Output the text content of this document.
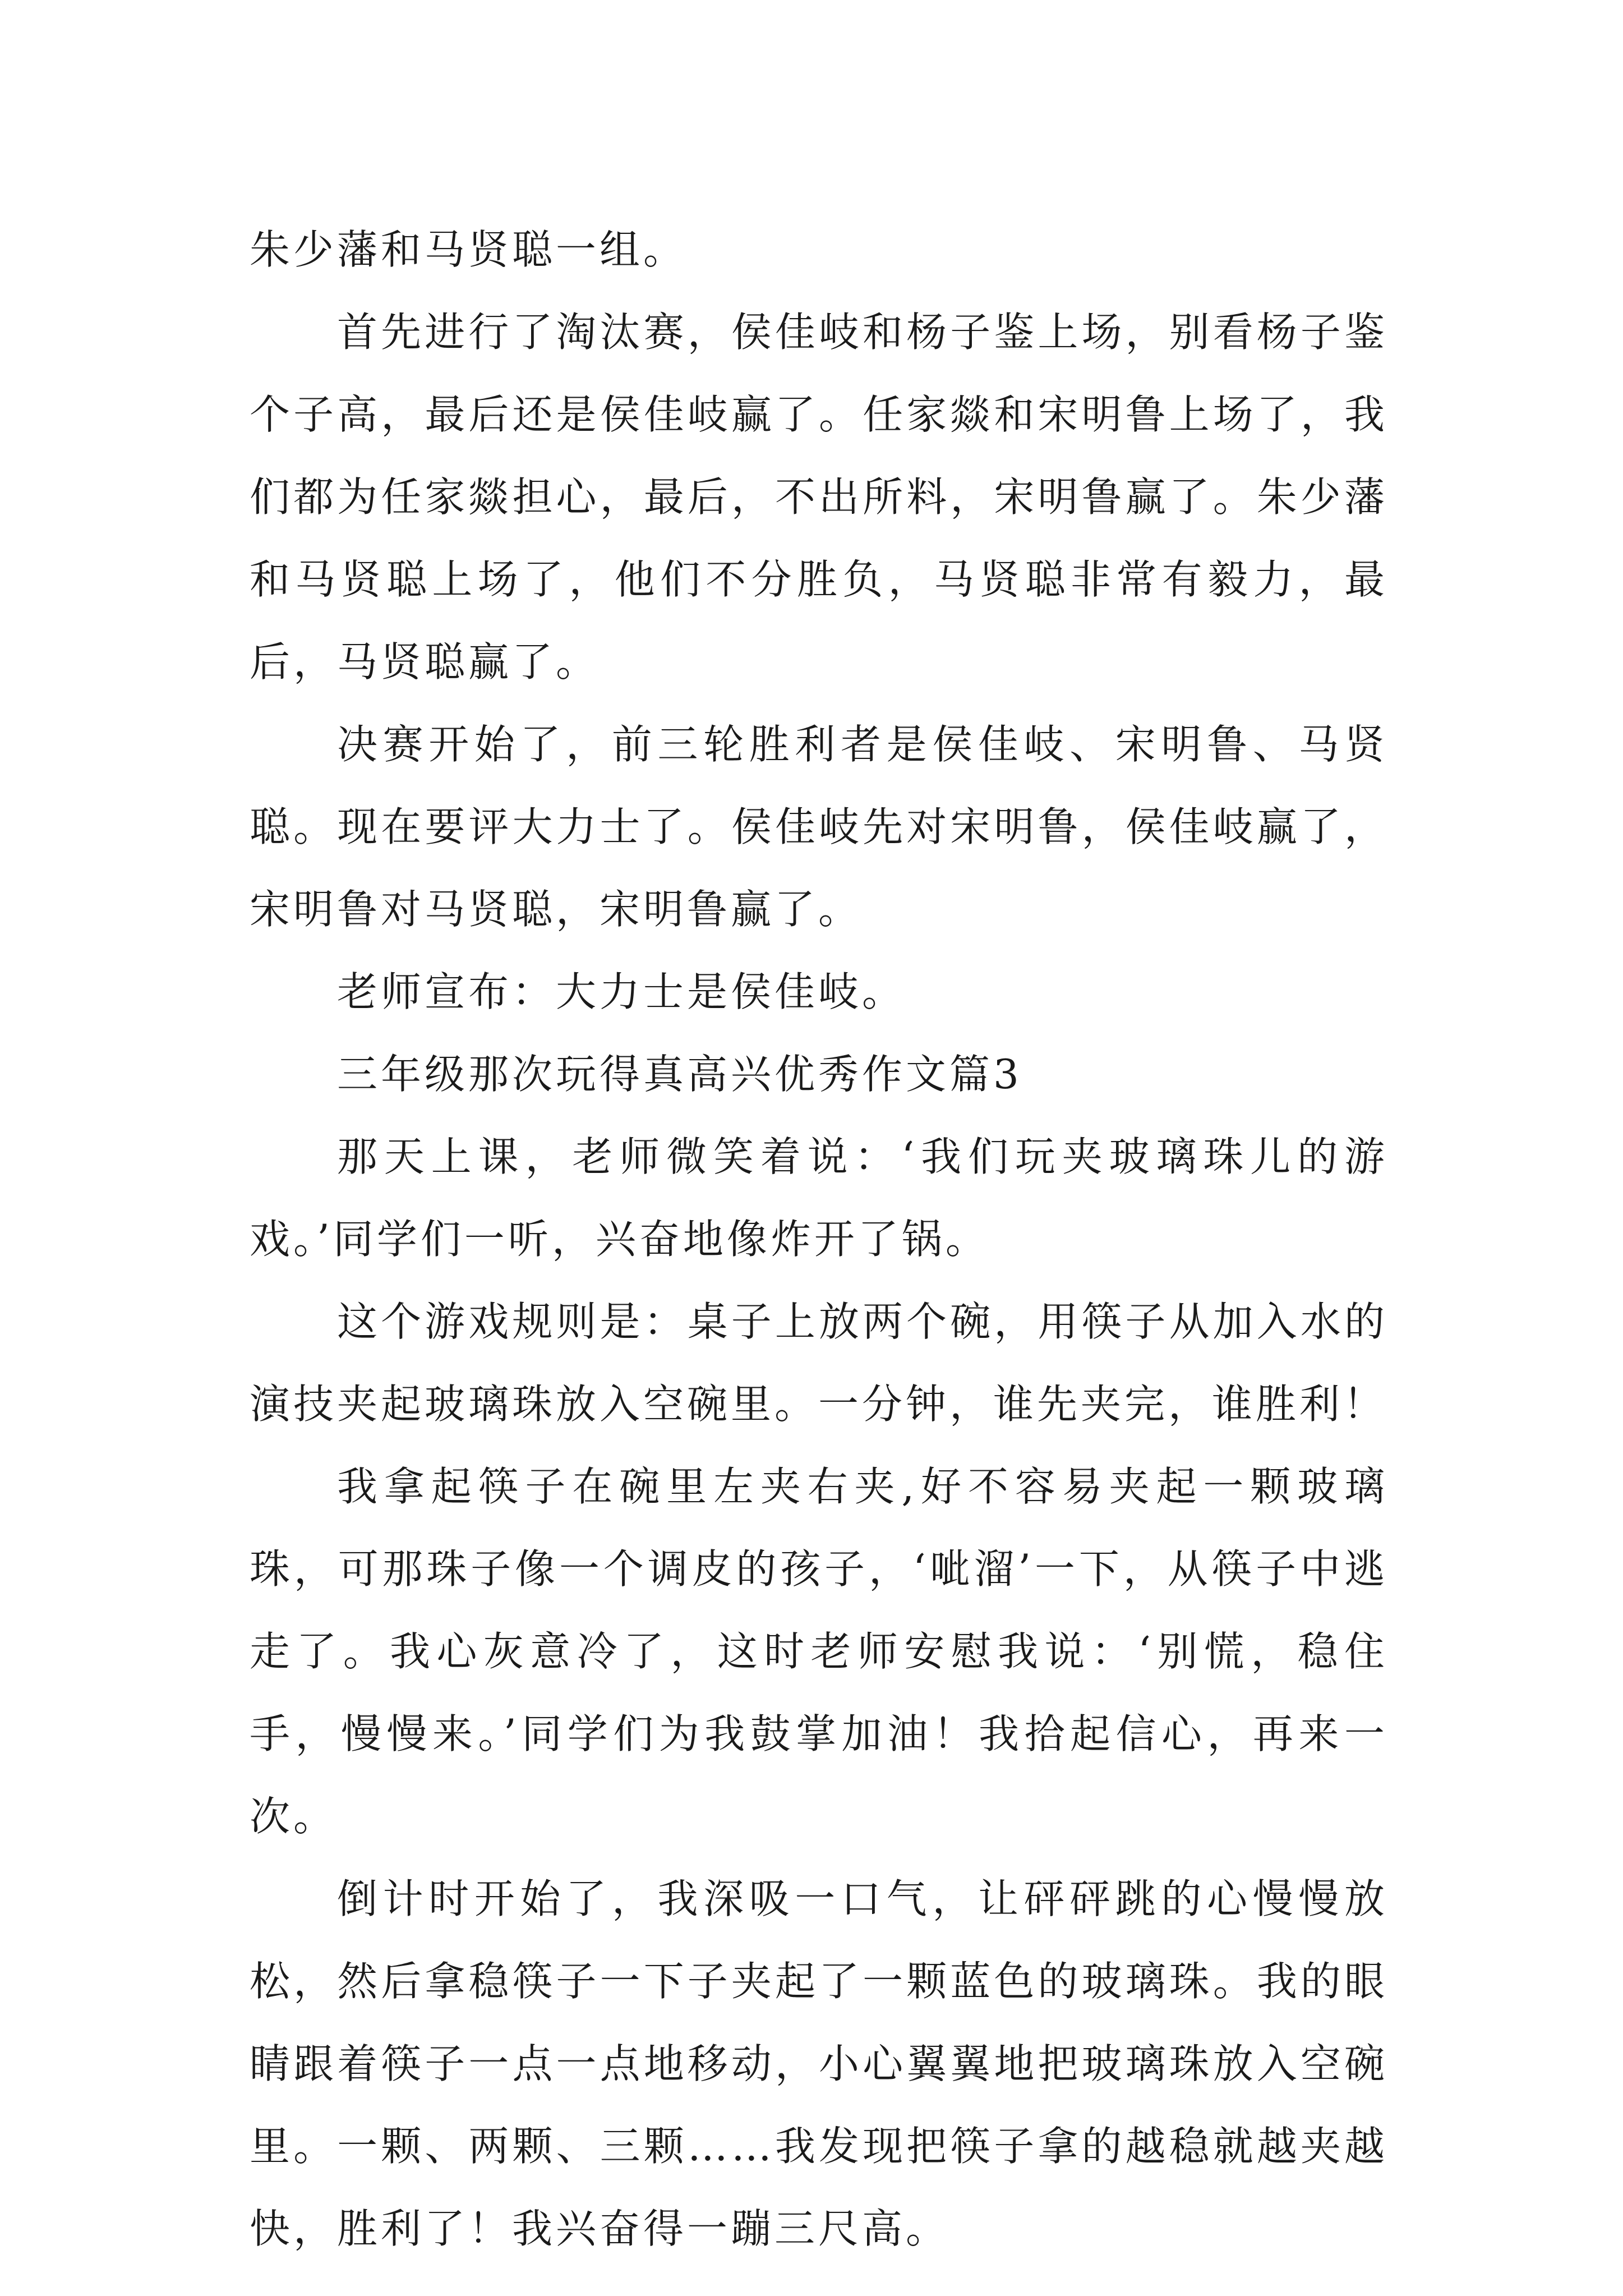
朱少藩和马贤聪一组。

首先进行了淘汰赛，侯佳岐和杨子鉴上场，别看杨子鉴个子高，最后还是侯佳岐赢了。任家燚和宋明鲁上场了，我们都为任家燚担心，最后，不出所料，宋明鲁赢了。朱少藩和马贤聪上场了，他们不分胜负，马贤聪非常有毅力，最后，马贤聪赢了。

决赛开始了，前三轮胜利者是侯佳岐、宋明鲁、马贤聪。现在要评大力士了。侯佳岐先对宋明鲁，侯佳岐赢了，宋明鲁对马贤聪，宋明鲁赢了。

老师宣布：大力士是侯佳岐。

三年级那次玩得真高兴优秀作文篇3

那天上课，老师微笑着说：‘我们玩夹玻璃珠儿的游戏。’同学们一听，兴奋地像炸开了锅。

这个游戏规则是：桌子上放两个碗，用筷子从加入水的演技夹起玻璃珠放入空碗里。一分钟，谁先夹完，谁胜利！

我拿起筷子在碗里左夹右夹,好不容易夹起一颗玻璃珠，可那珠子像一个调皮的孩子，‘呲溜’一下，从筷子中逃走了。我心灰意冷了，这时老师安慰我说：‘别慌，稳住手，慢慢来。’同学们为我鼓掌加油！我拾起信心，再来一次。

倒计时开始了，我深吸一口气，让砰砰跳的心慢慢放松，然后拿稳筷子一下子夹起了一颗蓝色的玻璃珠。我的眼睛跟着筷子一点一点地移动，小心翼翼地把玻璃珠放入空碗里。一颗、两颗、三颗……我发现把筷子拿的越稳就越夹越快，胜利了！我兴奋得一蹦三尺高。
